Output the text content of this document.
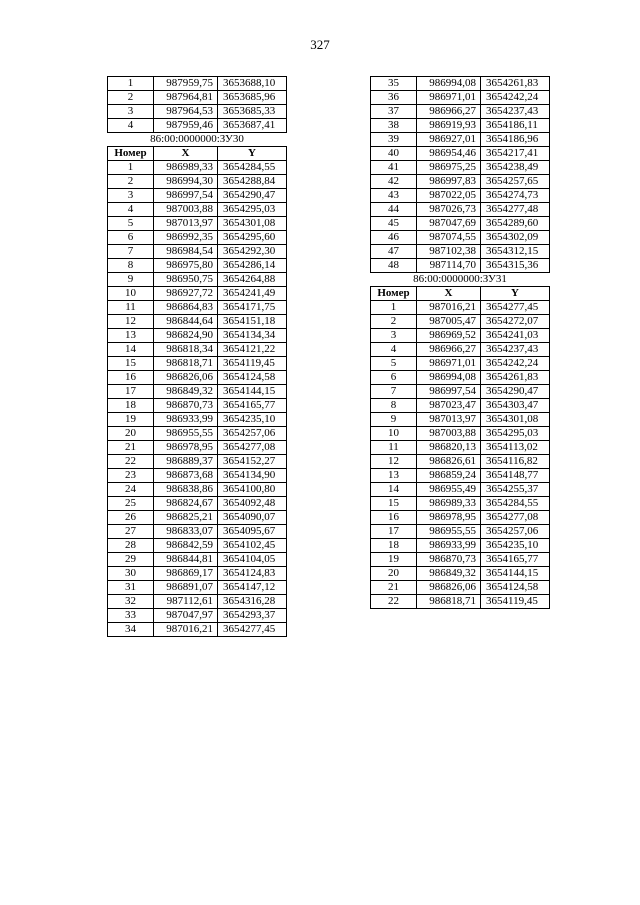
327
1	987959,75	3653688,10
2	987964,81	3653685,96
3	987964,53	3653685,33
4	987959,46	3653687,41
86:00:0000000:ЗУ30		
Номер	X	Y
1	986989,33	3654284,55
2	986994,30	3654288,84
3	986997,54	3654290,47
4	987003,88	3654295,03
5	987013,97	3654301,08
6	986992,35	3654295,60
7	986984,54	3654292,30
8	986975,80	3654286,14
9	986950,75	3654264,88
10	986927,72	3654241,49
11	986864,83	3654171,75
12	986844,64	3654151,18
13	986824,90	3654134,34
14	986818,34	3654121,22
15	986818,71	3654119,45
16	986826,06	3654124,58
17	986849,32	3654144,15
18	986870,73	3654165,77
19	986933,99	3654235,10
20	986955,55	3654257,06
21	986978,95	3654277,08
22	986889,37	3654152,27
23	986873,68	3654134,90
24	986838,86	3654100,80
25	986824,67	3654092,48
26	986825,21	3654090,07
27	986833,07	3654095,67
28	986842,59	3654102,45
29	986844,81	3654104,05
30	986869,17	3654124,83
31	986891,07	3654147,12
32	987112,61	3654316,28
33	987047,97	3654293,37
34	987016,21	3654277,45
35	986994,08	3654261,83
36	986971,01	3654242,24
37	986966,27	3654237,43
38	986919,93	3654186,11
39	986927,01	3654186,96
40	986954,46	3654217,41
41	986975,25	3654238,49
42	986997,83	3654257,65
43	987022,05	3654274,73
44	987026,73	3654277,48
45	987047,69	3654289,60
46	987074,55	3654302,09
47	987102,38	3654312,15
48	987114,70	3654315,36
86:00:0000000:ЗУ31		
Номер	X	Y
1	987016,21	3654277,45
2	987005,47	3654272,07
3	986969,52	3654241,03
4	986966,27	3654237,43
5	986971,01	3654242,24
6	986994,08	3654261,83
7	986997,54	3654290,47
8	987023,47	3654303,47
9	987013,97	3654301,08
10	987003,88	3654295,03
11	986820,13	3654113,02
12	986826,61	3654116,82
13	986859,24	3654148,77
14	986955,49	3654255,37
15	986989,33	3654284,55
16	986978,95	3654277,08
17	986955,55	3654257,06
18	986933,99	3654235,10
19	986870,73	3654165,77
20	986849,32	3654144,15
21	986826,06	3654124,58
22	986818,71	3654119,45
